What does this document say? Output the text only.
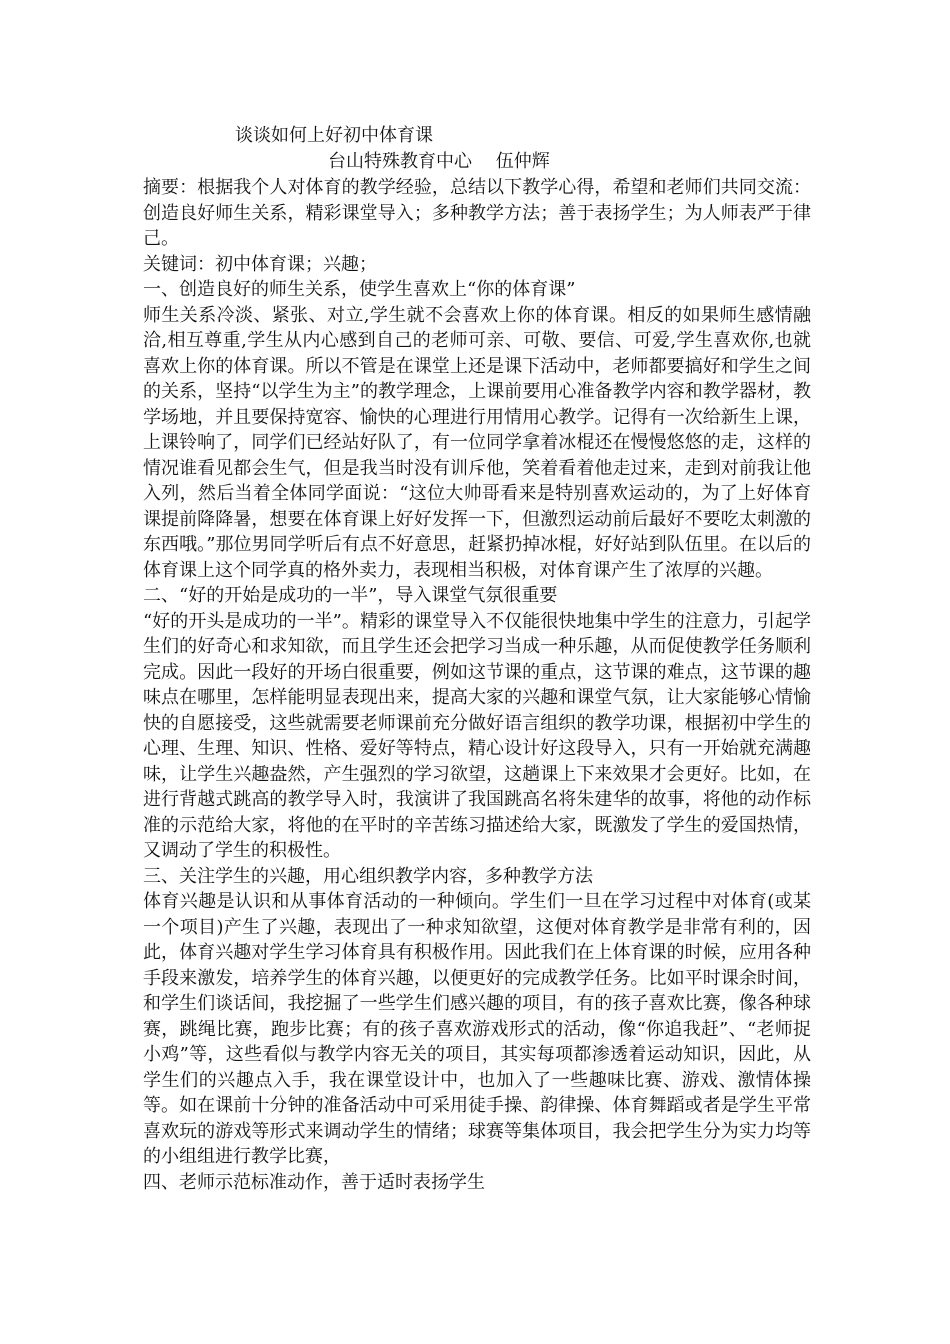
谈谈如何上好初中体育课
台山特殊教育中心　 伍仲辉

摘要：根据我个人对体育的教学经验，总结以下教学心得，希望和老师们共同交流：创造良好师生关系，精彩课堂导入；多种教学方法；善于表扬学生；为人师表严于律己。

关键词：初中体育课；兴趣；

一、创造良好的师生关系，使学生喜欢上“你的体育课”

师生关系冷淡、紧张、对立,学生就不会喜欢上你的体育课。相反的如果师生感情融洽,相互尊重,学生从内心感到自己的老师可亲、可敬、要信、可爱,学生喜欢你,也就喜欢上你的体育课。所以不管是在课堂上还是课下活动中，老师都要搞好和学生之间的关系，坚持“以学生为主”的教学理念，上课前要用心准备教学内容和教学器材，教学场地，并且要保持宽容、愉快的心理进行用情用心教学。记得有一次给新生上课，上课铃响了，同学们已经站好队了，有一位同学拿着冰棍还在慢慢悠悠的走，这样的情况谁看见都会生气，但是我当时没有训斥他，笑着看着他走过来，走到对前我让他入列，然后当着全体同学面说：“这位大帅哥看来是特别喜欢运动的，为了上好体育课提前降降暑，想要在体育课上好好发挥一下，但激烈运动前后最好不要吃太刺激的东西哦。”那位男同学听后有点不好意思，赶紧扔掉冰棍，好好站到队伍里。在以后的体育课上这个同学真的格外卖力，表现相当积极，对体育课产生了浓厚的兴趣。

二、“好的开始是成功的一半”，导入课堂气氛很重要

“好的开头是成功的一半”。精彩的课堂导入不仅能很快地集中学生的注意力，引起学生们的好奇心和求知欲，而且学生还会把学习当成一种乐趣，从而促使教学任务顺利完成。因此一段好的开场白很重要，例如这节课的重点，这节课的难点，这节课的趣味点在哪里，怎样能明显表现出来，提高大家的兴趣和课堂气氛，让大家能够心情愉快的自愿接受，这些就需要老师课前充分做好语言组织的教学功课，根据初中学生的心理、生理、知识、性格、爱好等特点，精心设计好这段导入，只有一开始就充满趣味，让学生兴趣盎然，产生强烈的学习欲望，这趟课上下来效果才会更好。比如，在进行背越式跳高的教学导入时，我演讲了我国跳高名将朱建华的故事，将他的动作标准的示范给大家，将他的在平时的辛苦练习描述给大家，既激发了学生的爱国热情，又调动了学生的积极性。

三、关注学生的兴趣，用心组织教学内容，多种教学方法

体育兴趣是认识和从事体育活动的一种倾向。学生们一旦在学习过程中对体育(或某一个项目)产生了兴趣，表现出了一种求知欲望，这便对体育教学是非常有利的，因此，体育兴趣对学生学习体育具有积极作用。因此我们在上体育课的时候，应用各种手段来激发，培养学生的体育兴趣，以便更好的完成教学任务。比如平时课余时间，和学生们谈话间，我挖掘了一些学生们感兴趣的项目，有的孩子喜欢比赛，像各种球赛，跳绳比赛，跑步比赛；有的孩子喜欢游戏形式的活动，像“你追我赶”、“老师捉小鸡”等，这些看似与教学内容无关的项目，其实每项都渗透着运动知识，因此，从学生们的兴趣点入手，我在课堂设计中，也加入了一些趣味比赛、游戏、激情体操等。如在课前十分钟的准备活动中可采用徒手操、韵律操、体育舞蹈或者是学生平常喜欢玩的游戏等形式来调动学生的情绪；球赛等集体项目，我会把学生分为实力均等的小组组进行教学比赛，

四、老师示范标准动作，善于适时表扬学生
